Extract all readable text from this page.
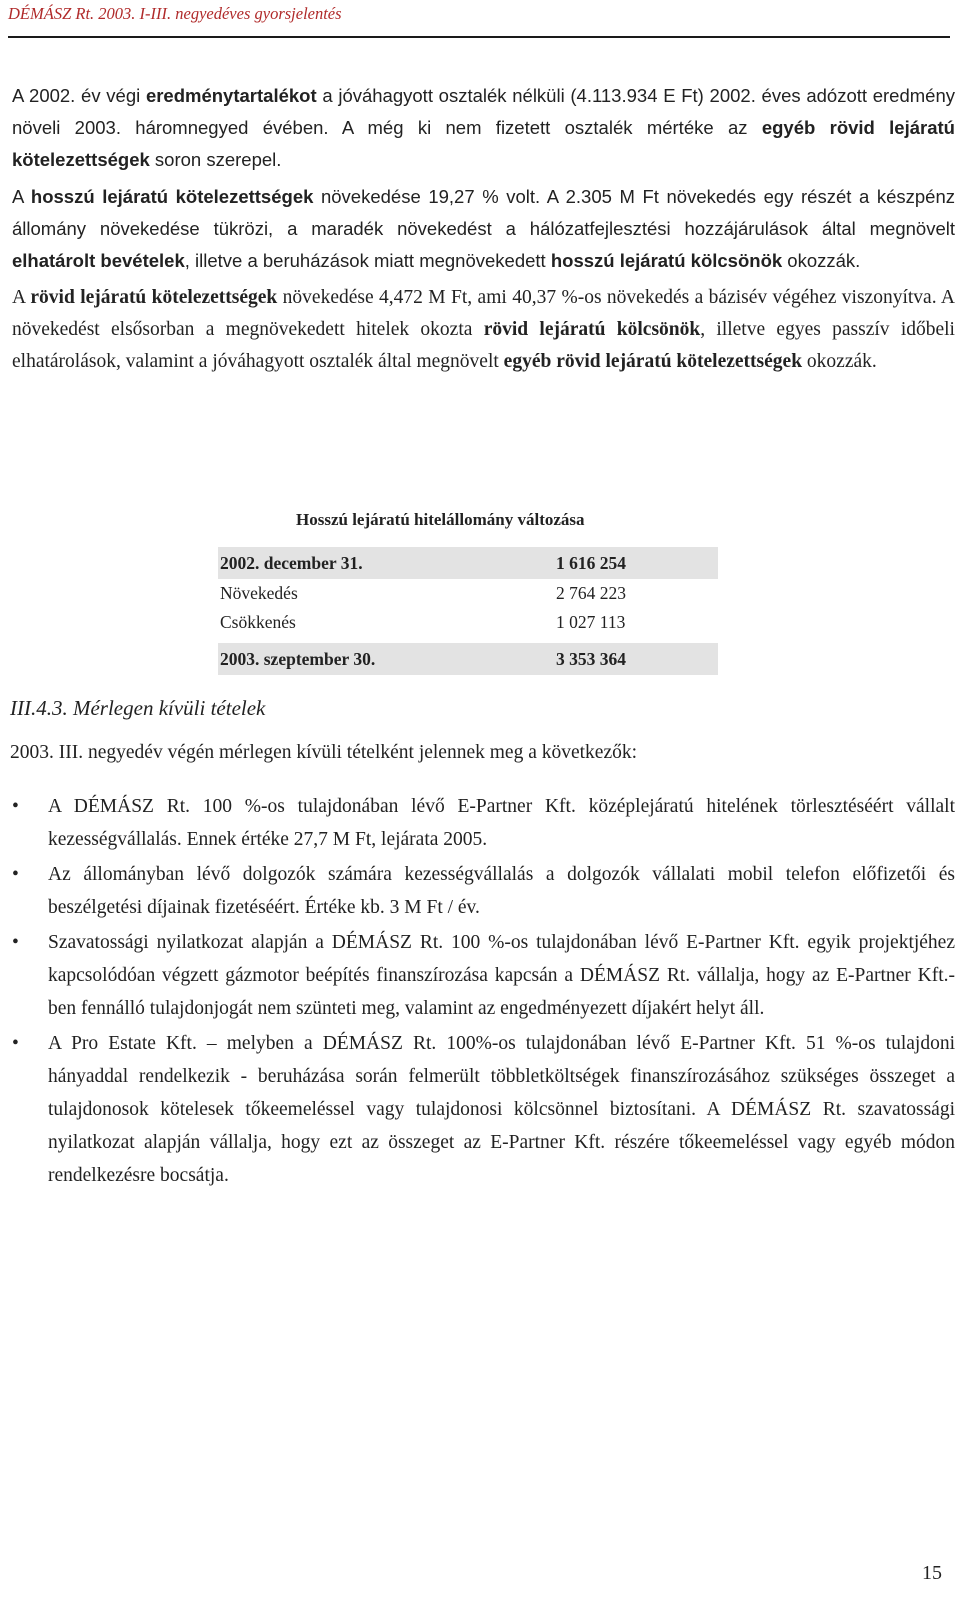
DÉMÁSZ Rt. 2003. I-III. negyedéves gyorsjelentés

A 2002. év végi eredménytartalékot a jóváhagyott osztalék nélküli (4.113.934 E Ft) 2002. éves adózott eredmény növeli 2003. háromnegyed évében. A még ki nem fizetett osztalék mértéke az egyéb rövid lejáratú kötelezettségek soron szerepel.

A hosszú lejáratú kötelezettségek növekedése 19,27 % volt. A 2.305 M Ft növekedés egy részét a készpénz állomány növekedése tükrözi, a maradék növekedést a hálózatfejlesztési hozzájárulások által megnövelt elhatárolt bevételek, illetve a beruházások miatt megnövekedett hosszú lejáratú kölcsönök okozzák.

A rövid lejáratú kötelezettségek növekedése 4,472 M Ft, ami 40,37 %-os növekedés a bázisév végéhez viszonyítva. A növekedést elsősorban a megnövekedett hitelek okozta rövid lejáratú kölcsönök, illetve egyes passzív időbeli elhatárolások, valamint a jóváhagyott osztalék által megnövelt egyéb rövid lejáratú kötelezettségek okozzák.

Hosszú lejáratú hitelállomány változása
2002. december 31.	1 616 254
Növekedés	2 764 223
Csökkenés	1 027 113
2003. szeptember 30.	3 353 364
III.4.3. Mérlegen kívüli tételek
2003. III. negyedév végén mérlegen kívüli tételként jelennek meg a következők:
• A DÉMÁSZ Rt. 100 %-os tulajdonában lévő E-Partner Kft. középlejáratú hitelének törlesztéséért vállalt kezességvállalás. Ennek értéke 27,7 M Ft, lejárata 2005.
• Az állományban lévő dolgozók számára kezességvállalás a dolgozók vállalati mobil telefon előfizetői és beszélgetési díjainak fizetéséért. Értéke kb. 3 M Ft / év.
• Szavatossági nyilatkozat alapján a DÉMÁSZ Rt. 100 %-os tulajdonában lévő E-Partner Kft. egyik projektjéhez kapcsolódóan végzett gázmotor beépítés finanszírozása kapcsán a DÉMÁSZ Rt. vállalja, hogy az E-Partner Kft.-ben fennálló tulajdonjogát nem szünteti meg, valamint az engedményezett díjakért helyt áll.
• A Pro Estate Kft. – melyben a DÉMÁSZ Rt. 100%-os tulajdonában lévő E-Partner Kft. 51 %-os tulajdoni hányaddal rendelkezik - beruházása során felmerült többletköltségek finanszírozásához szükséges összeget a tulajdonosok kötelesek tőkeemeléssel vagy tulajdonosi kölcsönnel biztosítani. A DÉMÁSZ Rt. szavatossági nyilatkozat alapján vállalja, hogy ezt az összeget az E-Partner Kft. részére tőkeemeléssel vagy egyéb módon rendelkezésre bocsátja.
15
